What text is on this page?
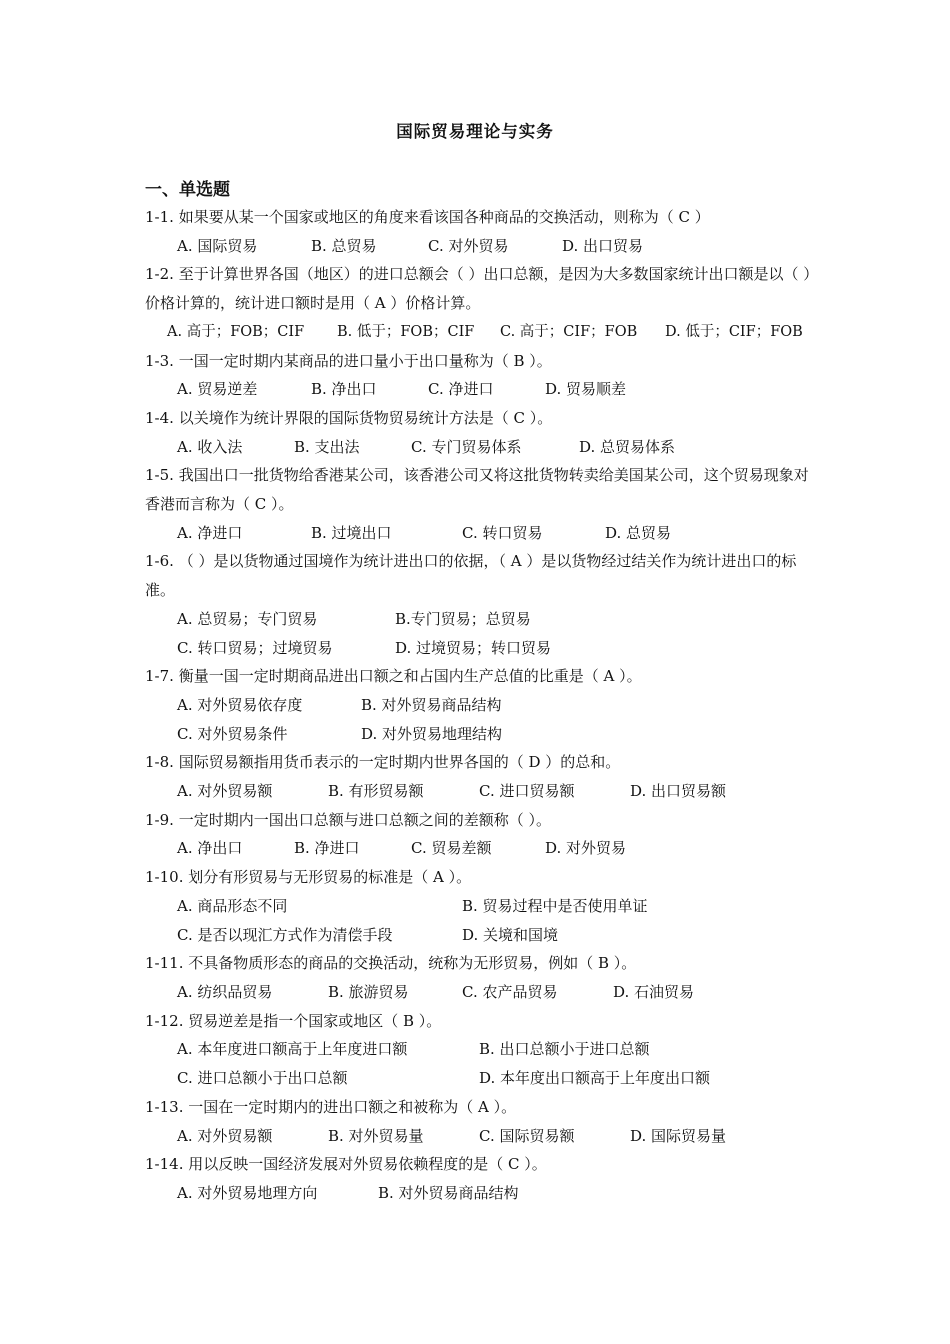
国际贸易理论与实务
一、单选题
1-1. 如果要从某一个国家或地区的角度来看该国各种商品的交换活动，则称为（ C ）
A. 国际贸易	B. 总贸易	C. 对外贸易	D. 出口贸易
1-2. 至于计算世界各国（地区）的进口总额会（ ）出口总额，是因为大多数国家统计出口额是以（ ）价格计算的，统计进口额时是用（ A ）价格计算。
A. 高于；FOB；CIF B. 低于；FOB；CIF C. 高于；CIF；FOB D. 低于；CIF；FOB
1-3. 一国一定时期内某商品的进口量小于出口量称为（ B ）。
A. 贸易逆差	B. 净出口	C. 净进口	D. 贸易顺差
1-4. 以关境作为统计界限的国际货物贸易统计方法是（ C ）。
A. 收入法	B. 支出法	C. 专门贸易体系	D. 总贸易体系
1-5. 我国出口一批货物给香港某公司，该香港公司又将这批货物转卖给美国某公司，这个贸易现象对香港而言称为（ C ）。
A. 净进口	B. 过境出口	C. 转口贸易	D. 总贸易
1-6. （ ）是以货物通过国境作为统计进出口的依据，（ A ）是以货物经过结关作为统计进出口的标准。
A. 总贸易；专门贸易	B.专门贸易；总贸易
C. 转口贸易；过境贸易	D. 过境贸易；转口贸易
1-7. 衡量一国一定时期商品进出口额之和占国内生产总值的比重是（ A ）。
A. 对外贸易依存度	B. 对外贸易商品结构
C. 对外贸易条件	D. 对外贸易地理结构
1-8. 国际贸易额指用货币表示的一定时期内世界各国的（ D ）的总和。
A. 对外贸易额	B. 有形贸易额	C. 进口贸易额	D. 出口贸易额
1-9. 一定时期内一国出口总额与进口总额之间的差额称（ ）。
A. 净出口	B. 净进口	C. 贸易差额	D. 对外贸易
1-10. 划分有形贸易与无形贸易的标准是（ A ）。
A. 商品形态不同	B. 贸易过程中是否使用单证
C. 是否以现汇方式作为清偿手段	D. 关境和国境
1-11. 不具备物质形态的商品的交换活动，统称为无形贸易，例如（ B ）。
A. 纺织品贸易	B. 旅游贸易	C. 农产品贸易	D. 石油贸易
1-12. 贸易逆差是指一个国家或地区（ B ）。
A. 本年度进口额高于上年度进口额	B. 出口总额小于进口总额
C. 进口总额小于出口总额	D. 本年度出口额高于上年度出口额
1-13. 一国在一定时期内的进出口额之和被称为（ A ）。
A. 对外贸易额	B. 对外贸易量	C. 国际贸易额	D. 国际贸易量
1-14. 用以反映一国经济发展对外贸易依赖程度的是（ C ）。
A. 对外贸易地理方向	B. 对外贸易商品结构
